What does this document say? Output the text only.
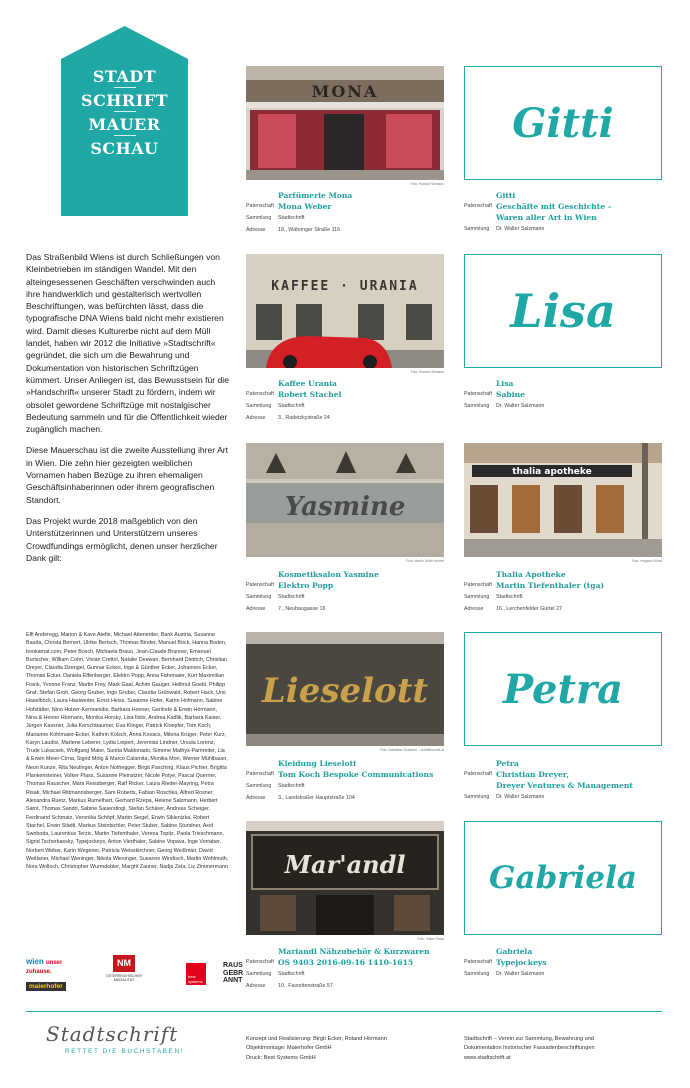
STADT
SCHRIFT
MAUER
SCHAU

Das Straßenbild Wiens ist durch Schließungen von Kleinbetrieben im ständigen Wandel. Mit den alteingesessenen Geschäften verschwinden auch ihre handwerklich und gestalterisch wertvollen Beschriftungen, was befürchten lässt, dass die typografische DNA Wiens bald nicht mehr existieren wird. Damit dieses Kulturerbe nicht auf dem Müll landet, haben wir 2012 die Initiative »Stadtschrift« gegründet, die sich um die Bewahrung und Dokumentation von historischen Schriftzügen kümmert. Unser Anliegen ist, das Bewusstsein für die »Handschrift« unserer Stadt zu fördern, indem wir obsolet gewordene Schriftzüge mit nostalgischer Bedeutung sammeln und für die Öffentlichkeit wieder zugänglich machen.

Diese Mauerschau ist die zweite Ausstellung ihrer Art in Wien. Die zehn hier gezeigten weiblichen Vornamen haben Bezüge zu ihren ehemaligen Geschäftsinhaberinnen oder ihrem geografischen Standort.

Das Projekt wurde 2018 maßgeblich von den Unterstützerinnen und Unterstützern unseres Crowdfundings ermöglicht, denen unser herzlicher Dank gilt:

Elfi Anderegg, Marion & Kave Atefie, Michael Attenerder, Bank Austria, Susanne Bauda, Christa Bernert, Ulrike Bertsch, Thomas Binder, Manuel Böck, Hanna Boden, bookamat.com, Peter Bosch, Michaela Braun, Jean-Claude Brunner, Emanuel Burtscher, William Cohn, Vivian Crettol, Natalie Deewan, Bernhard Dietrich, Christian Dreyer, Claudia Dzengel, Gunnar Eckes, Inge & Günther Ecker, Johannes Ecker, Thomas Ecker, Daniela Effenberger, Elektro Popp, Anna Fahrmaier, Kurt Maximilian Frank, Yvonne Franz, Martin Frey, Mark Gaal, Achim Gauger, Hellmut Goebl, Philipp Graf, Stefan Groh, Georg Gruber, Ingo Gruber, Claudia Grünwald, Robert Hack, Ursi Haselböck, Laura Hasiweder, Ernst Heiss, Susanne Hofer, Katrin Hofmann, Sabine Hofstätter, Nino Holzer-Kermanidis, Barbara Honner, Gerlinde & Erwin Hörmann, Nina & Henno Hörmann, Monika Horsky, Lisa Ilsits, Andrea Kadlik, Barbara Kaiser, Jürgen Kassner, Julia Kerschbaumer, Eva Klinger, Patrick Kloepfer, Tom Koch, Marianne Kohlmaier-Ecker, Kathrin Kölsch, Anna Kovacs, Milena Krüger, Peter Kurz, Karyn Laudisi, Marlene Leberer, Lydia Leipert, Jeremias Lindner, Ursula Lorenz, Trude Lukacsek, Wolfgang Maier, Sunita Maldonado, Simone Mathys-Parnreiter, Lia & Erwin Meier-Cirna, Sigrid Mölg & Marco Calamita, Monika Mori, Werner Mühlbauer, Neon Kunze, Rita Neulinger, Anton Nothegger, Birgit Pasching, Klaus Pichler, Brigitta Plankensteiner, Volker Plass, Susanne Pleinstzer, Nicole Potye, Pascal Querner, Thomas Rauscher, Mara Reissberger, Ralf Ricker, Laura Rieder-Mayring, Petra Risak, Michael Rittmannsberger, Sam Roberts, Fabian Roschka, Alfred Rosner, Alexandra Ruetz, Markus Rumelhart, Gerhard Rzepa, Helene Salzmann, Herbert Samt, Thomas Sandri, Sabine Sauerstingl, Stefan Schärer, Andreas Scheiger, Ferdinand Schmatz, Veronika Schöpf, Martin Siegel, Erwin Siklenizka, Robert Stachel, Erwin Städtl, Markus Steinbichler, Peter Stuber, Sabine Stundner, Axel Swoboda, Laurentius Terzic, Martin Tiefenthaler, Verena Topitz, Paola Trieschmann, Sigrid Tscherkassky, Typejockeys, Anton Vierthaler, Sabine Vopava, Inge Vorraber, Norbert Weber, Karin Wegener, Patricia Weisskirchner, Georg Weißmair, David Weitlaner, Michael Weninger, Nikola Wiesinger, Susanne Windisch, Martin Wohlmuth, Nora Wolloch, Christopher Wurmdobler, Margrit Zauner, Nadja Zela, Liz Zimmermann
wien unser zuhause.
maierhofer
NM
OSTERREICHISCHER MEDIALITÄT
best systems
RAUS GEBR ANNT
MONA
Foto: Roland Hörmann
Gitti
Parfümerie Mona
Patenschaft Mona Weber
Sammlung	Stadtschrift
Adresse	18., Währinger Straße 116
Gitti
Patenschaft Geschäfte mit Geschichte –
Waren aller Art in Wien
Sammlung	Dr. Walter Salzmann
KAFFEE · URANIA
Foto: Roland Hörmann
Lisa
Kaffee Urania
Patenschaft Robert Stachel
Sammlung	Stadtschrift
Adresse	3., Radetzkystraße 24
Lisa
Patenschaft Sabine
Sammlung	Dr. Walter Salzmann
Yasmine
Foto: Martin Ulrich Kehrer
thalia apotheke
Foto: Irmgard Grössl
Kosmetiksalon Yasmine
Patenschaft Elektro Popp
Sammlung	Stadtschrift
Adresse	7., Neubaugasse 16
Thalia Apotheke
Patenschaft Martin Tiefenthaler (tga)
Sammlung	Stadtschrift
Adresse	16., Lerchenfelder Gürtel 27
Lieselott
Foto: Sebastian Schubert – schriftmuehle.at
Petra
Kleidung Lieselott
Patenschaft Tom Koch Bespoke Communications
Sammlung	Stadtschrift
Adresse	3., Landstraßer Hauptstraße 104
Petra
Patenschaft Christian Dreyer,
Dreyer Ventures & Management
Sammlung	Dr. Walter Salzmann
Mar'andl
Foto: Volker Plass
Gabriela
Mariandl Nähzubehör & Kurzwaren
Patenschaft OS 9403 2016-09-16 1410-1615
Sammlung	Stadtschrift
Adresse	10., Favoritenstraße 57
Gabriela
Patenschaft Typejockeys
Sammlung	Dr. Walter Salzmann
Stadtschrift
RETTET DIE BUCHSTABEN!
Konzept und Realisierung: Birgit Ecker, Roland Hörmann
Objektmontage: Maierhofer GmbH
Druck: Best Systems GmbH
Stadtschrift – Verein zur Sammlung, Bewahrung und
Dokumentation historischer Fassadenbeschriftungen
www.stadtschrift.at
